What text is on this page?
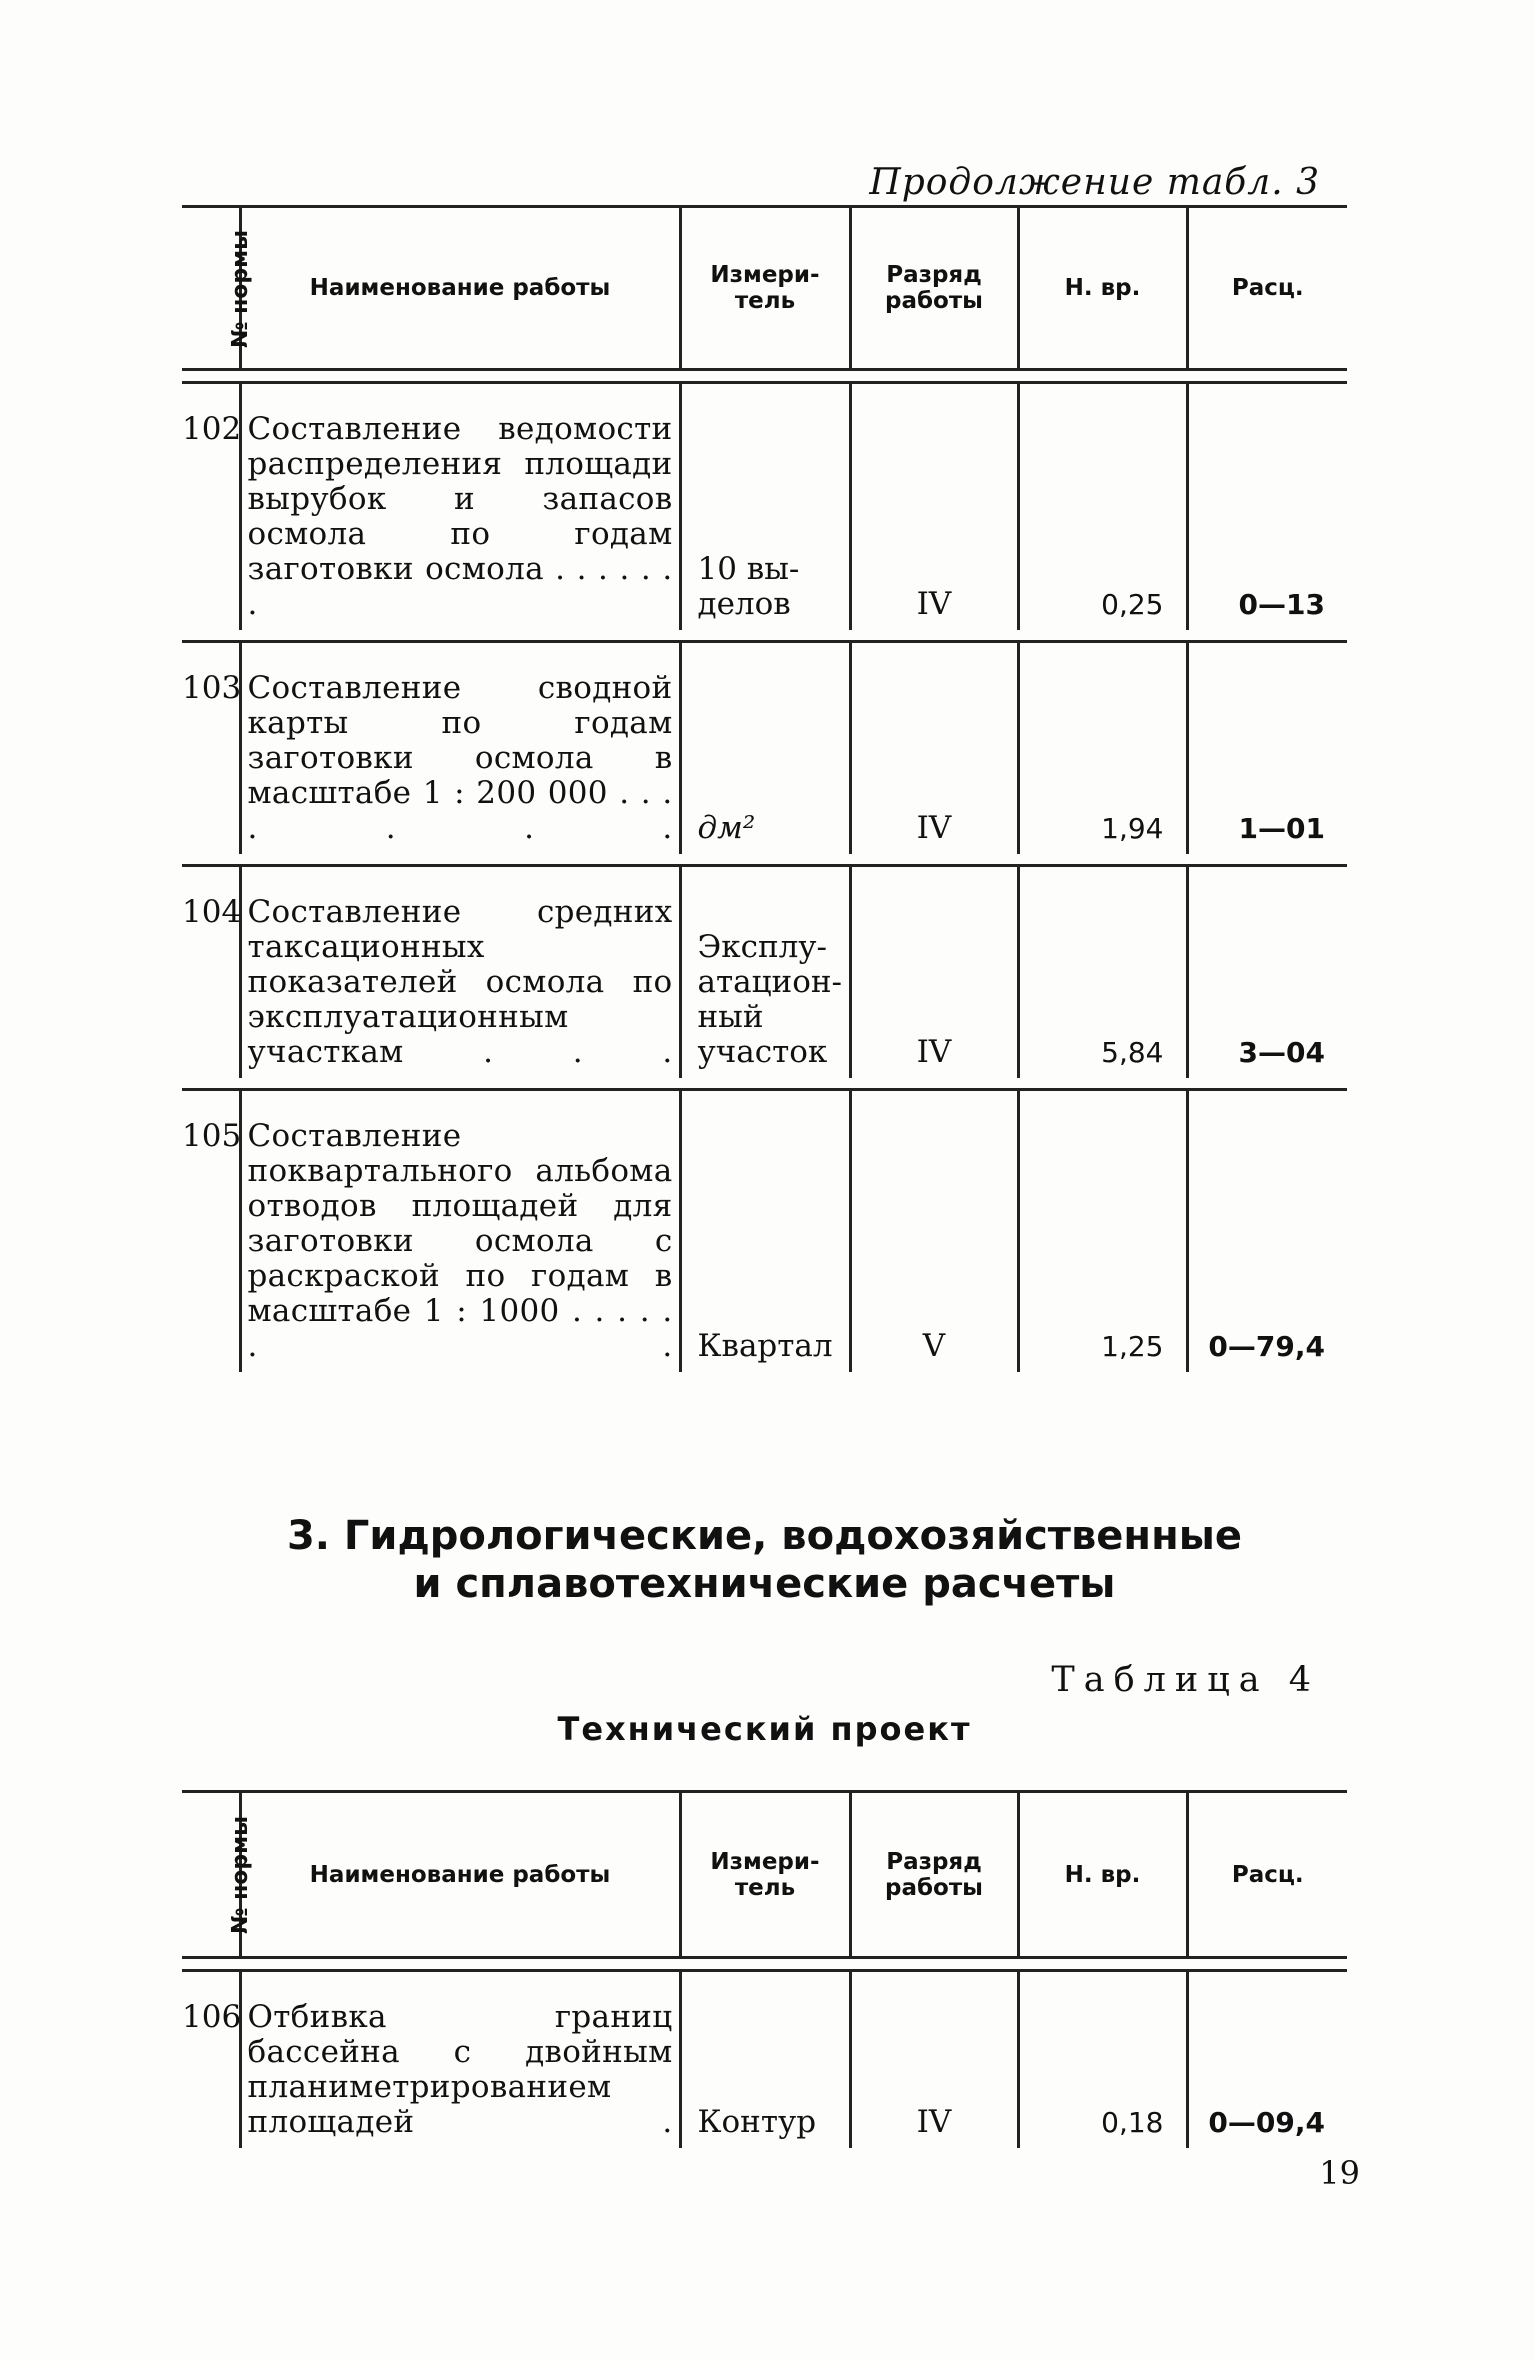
Продолжение табл. 3
№ нормы	Наименование работы	Измери-тель	Разряд работы	Н. вр.	Расц.

102	Составление ведомости распределения площади вырубок и запасов осмола по годам заготовки осмола . . . . . . .	10 вы-делов	IV	0,25	0—13

103	Составление сводной карты по годам заготовки осмола в масштабе 1 : 200 000 . . . . . . .	дм²	IV	1,94	1—01

104	Составление средних таксационных показателей осмола по эксплуатационным участкам . . .	Эксплу-атацион-ный участок	IV	5,84	3—04

105	Составление поквартального альбома отводов площадей для заготовки осмола с раскраской по годам в масштабе 1 : 1000 . . . . . . .	Квартал	V	1,25	0—79,4
3. Гидрологические, водохозяйственные
и сплавотехнические расчеты
Таблица 4
Технический проект
№ нормы	Наименование работы	Измери-тель	Разряд работы	Н. вр.	Расц.

106	Отбивка границ бассейна с двойным планиметрированием площадей .	Контур	IV	0,18	0—09,4
19
